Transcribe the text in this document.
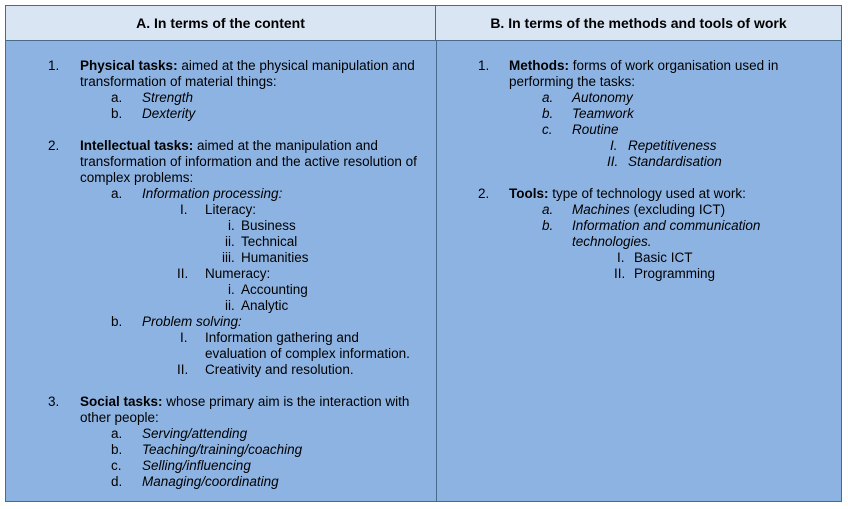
A. In terms of the content	B. In terms of the methods and tools of work
1. Physical tasks: aimed at the physical manipulation and
transformation of material things:
a. Strength
b. Dexterity
2. Intellectual tasks: aimed at the manipulation and
transformation of information and the active resolution of
complex problems:
a. Information processing:
I. Literacy:
i. Business
ii. Technical
iii. Humanities
II. Numeracy:
i. Accounting
ii. Analytic
b. Problem solving:
I. Information gathering and
evaluation of complex information.
II. Creativity and resolution.
3. Social tasks: whose primary aim is the interaction with
other people:
a. Serving/attending
b. Teaching/training/coaching
c. Selling/influencing
d. Managing/coordinating
1. Methods: forms of work organisation used in
performing the tasks:
a. Autonomy
b. Teamwork
c. Routine
I. Repetitiveness
II. Standardisation
2. Tools: type of technology used at work:
a. Machines (excluding ICT)
b. Information and communication
technologies.
I. Basic ICT
II. Programming
